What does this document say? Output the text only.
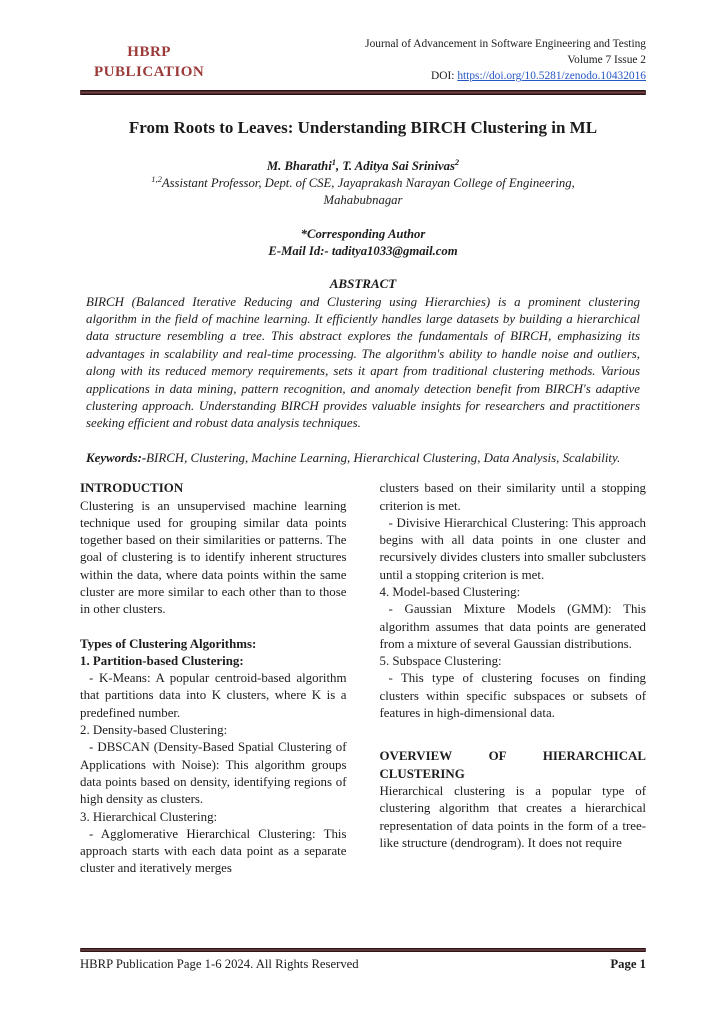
HBRP
PUBLICATION
Journal of Advancement in Software Engineering and Testing
Volume 7 Issue 2
DOI: https://doi.org/10.5281/zenodo.10432016
From Roots to Leaves: Understanding BIRCH Clustering in ML
M. Bharathi$^1$, T. Aditya Sai Srinivas$^2$
$^{1,2}$Assistant Professor, Dept. of CSE, Jayaprakash Narayan College of Engineering,
Mahabubnagar
*Corresponding Author
E-Mail Id:- taditya1033@gmail.com
ABSTRACT
BIRCH (Balanced Iterative Reducing and Clustering using Hierarchies) is a prominent clustering algorithm in the field of machine learning. It efficiently handles large datasets by building a hierarchical data structure resembling a tree. This abstract explores the fundamentals of BIRCH, emphasizing its advantages in scalability and real-time processing. The algorithm's ability to handle noise and outliers, along with its reduced memory requirements, sets it apart from traditional clustering methods. Various applications in data mining, pattern recognition, and anomaly detection benefit from BIRCH's adaptive clustering approach. Understanding BIRCH provides valuable insights for researchers and practitioners seeking efficient and robust data analysis techniques.
Keywords:-BIRCH, Clustering, Machine Learning, Hierarchical Clustering, Data Analysis, Scalability.

INTRODUCTION

Clustering is an unsupervised machine learning technique used for grouping similar data points together based on their similarities or patterns. The goal of clustering is to identify inherent structures within the data, where data points within the same cluster are more similar to each other than to those in other clusters.

Types of Clustering Algorithms:

1. Partition-based Clustering:

- K-Means: A popular centroid-based algorithm that partitions data into K clusters, where K is a predefined number.

2. Density-based Clustering:

- DBSCAN (Density-Based Spatial Clustering of Applications with Noise): This algorithm groups data points based on density, identifying regions of high density as clusters.

3. Hierarchical Clustering:

- Agglomerative Hierarchical Clustering: This approach starts with each data point as a separate cluster and iteratively merges

clusters based on their similarity until a stopping criterion is met.

- Divisive Hierarchical Clustering: This approach begins with all data points in one cluster and recursively divides clusters into smaller subclusters until a stopping criterion is met.

4. Model-based Clustering:

- Gaussian Mixture Models (GMM): This algorithm assumes that data points are generated from a mixture of several Gaussian distributions.

5. Subspace Clustering:

- This type of clustering focuses on finding clusters within specific subspaces or subsets of features in high-dimensional data.

OVERVIEW OF HIERARCHICAL CLUSTERING

Hierarchical clustering is a popular type of clustering algorithm that creates a hierarchical representation of data points in the form of a tree-like structure (dendrogram). It does not require

HBRP Publication Page 1-6 2024. All Rights Reserved	Page 1
